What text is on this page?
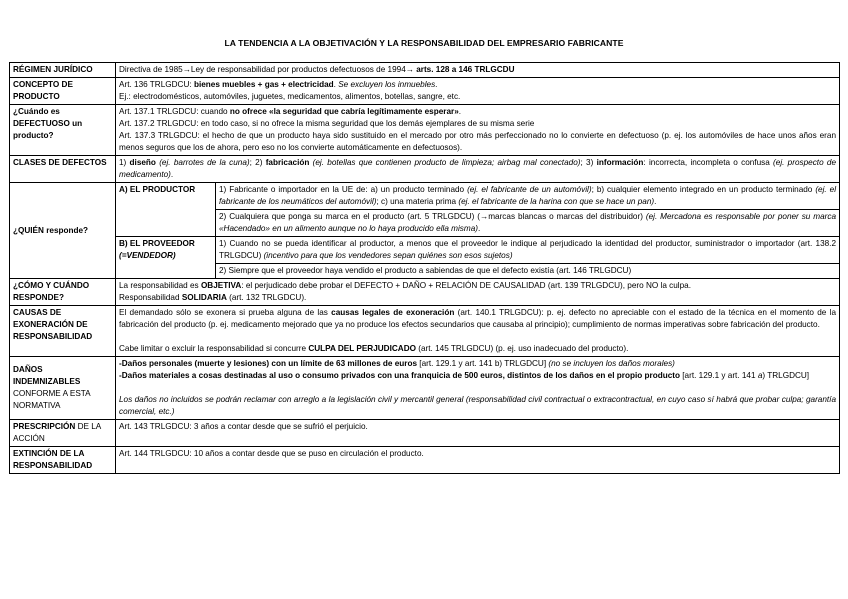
LA TENDENCIA A LA OBJETIVACIÓN Y LA RESPONSABILIDAD DEL EMPRESARIO FABRICANTE
RÉGIMEN JURÍDICO	Directiva de 1985→Ley de responsabilidad por productos defectuosos de 1994→ arts. 128 a 146 TRLGCDU	
CONCEPTO DE PRODUCTO	Art. 136 TRLGDCU: bienes muebles + gas + electricidad. Se excluyen los inmuebles.
Ej.: electrodomésticos, automóviles, juguetes, medicamentos, alimentos, botellas, sangre, etc.	

¿Cuándo es DEFECTUOSO un producto?	Art. 137.1 TRLGDCU: cuando no ofrece «la seguridad que cabría legítimamente esperar».
Art. 137.2 TRLGDCU: en todo caso, si no ofrece la misma seguridad que los demás ejemplares de su misma serie
Art. 137.3 TRLGDCU: el hecho de que un producto haya sido sustituido en el mercado por otro más perfeccionado no lo convierte en defectuoso (p. ej. los automóviles de hace unos años eran menos seguros que los de ahora, pero eso no los convierte automáticamente en defectuosos).	

CLASES DE DEFECTOS	1) diseño (ej. barrotes de la cuna); 2) fabricación (ej. botellas que contienen producto de limpieza; airbag mal conectado); 3) información: incorrecta, incompleta o confusa (ej. prospecto de medicamento).	
¿QUIÉN responde?	A) EL PRODUCTOR	1) Fabricante o importador en la UE de: a) un producto terminado (ej. el fabricante de un automóvil); b) cualquier elemento integrado en un producto terminado (ej. el fabricante de los neumáticos del automóvil); c) una materia prima (ej. el fabricante de la harina con que se hace un pan).
		2) Cualquiera que ponga su marca en el producto (art. 5 TRLGDCU) (→marcas blancas o marcas del distribuidor) (ej. Mercadona es responsable por poner su marca «Hacendado» en un alimento aunque no lo haya producido ella misma).

	B) EL PROVEEDOR
(=VENDEDOR)	1) Cuando no se pueda identificar al productor, a menos que el proveedor le indique al perjudicado la identidad del productor, suministrador o importador (art. 138.2 TRLGDCU) (incentivo para que los vendedores sepan quiénes son esos sujetos)
		2) Siempre que el proveedor haya vendido el producto a sabiendas de que el defecto existía (art. 146 TRLGDCU)
¿CÓMO Y CUÁNDO RESPONDE?	La responsabilidad es OBJETIVA: el perjudicado debe probar el DEFECTO + DAÑO + RELACIÓN DE CAUSALIDAD (art. 139 TRLGDCU), pero NO la culpa.
Responsabilidad SOLIDARIA (art. 132 TRLGDCU).	

CAUSAS DE EXONERACIÓN DE RESPONSABILIDAD	El demandado sólo se exonera si prueba alguna de las causas legales de exoneración (art. 140.1 TRLGDCU): p. ej. defecto no apreciable con el estado de la técnica en el momento de la fabricación del producto (p. ej. medicamento mejorado que ya no produce los efectos secundarios que causaba al principio); cumplimiento de normas imperativas sobre fabricación del producto.
Cabe limitar o excluir la responsabilidad si concurre CULPA DEL PERJUDICADO (art. 145 TRLGDCU) (p. ej. uso inadecuado del producto).	

DAÑOS INDEMNIZABLES
CONFORME A ESTA NORMATIVA	-Daños personales (muerte y lesiones) con un límite de 63 millones de euros [art. 129.1 y art. 141 b) TRLGDCU] (no se incluyen los daños morales)
-Daños materiales a cosas destinadas al uso o consumo privados con una franquicia de 500 euros, distintos de los daños en el propio producto [art. 129.1 y art. 141 a) TRLGDCU]
Los daños no incluidos se podrán reclamar con arreglo a la legislación civil y mercantil general (responsabilidad civil contractual o extracontractual, en cuyo caso sí habrá que probar culpa; garantía comercial, etc.)	

PRESCRIPCIÓN DE LA ACCIÓN	Art. 143 TRLGDCU: 3 años a contar desde que se sufrió el perjuicio.	
EXTINCIÓN DE LA RESPONSABILIDAD	Art. 144 TRLGDCU: 10 años a contar desde que se puso en circulación el producto.	
